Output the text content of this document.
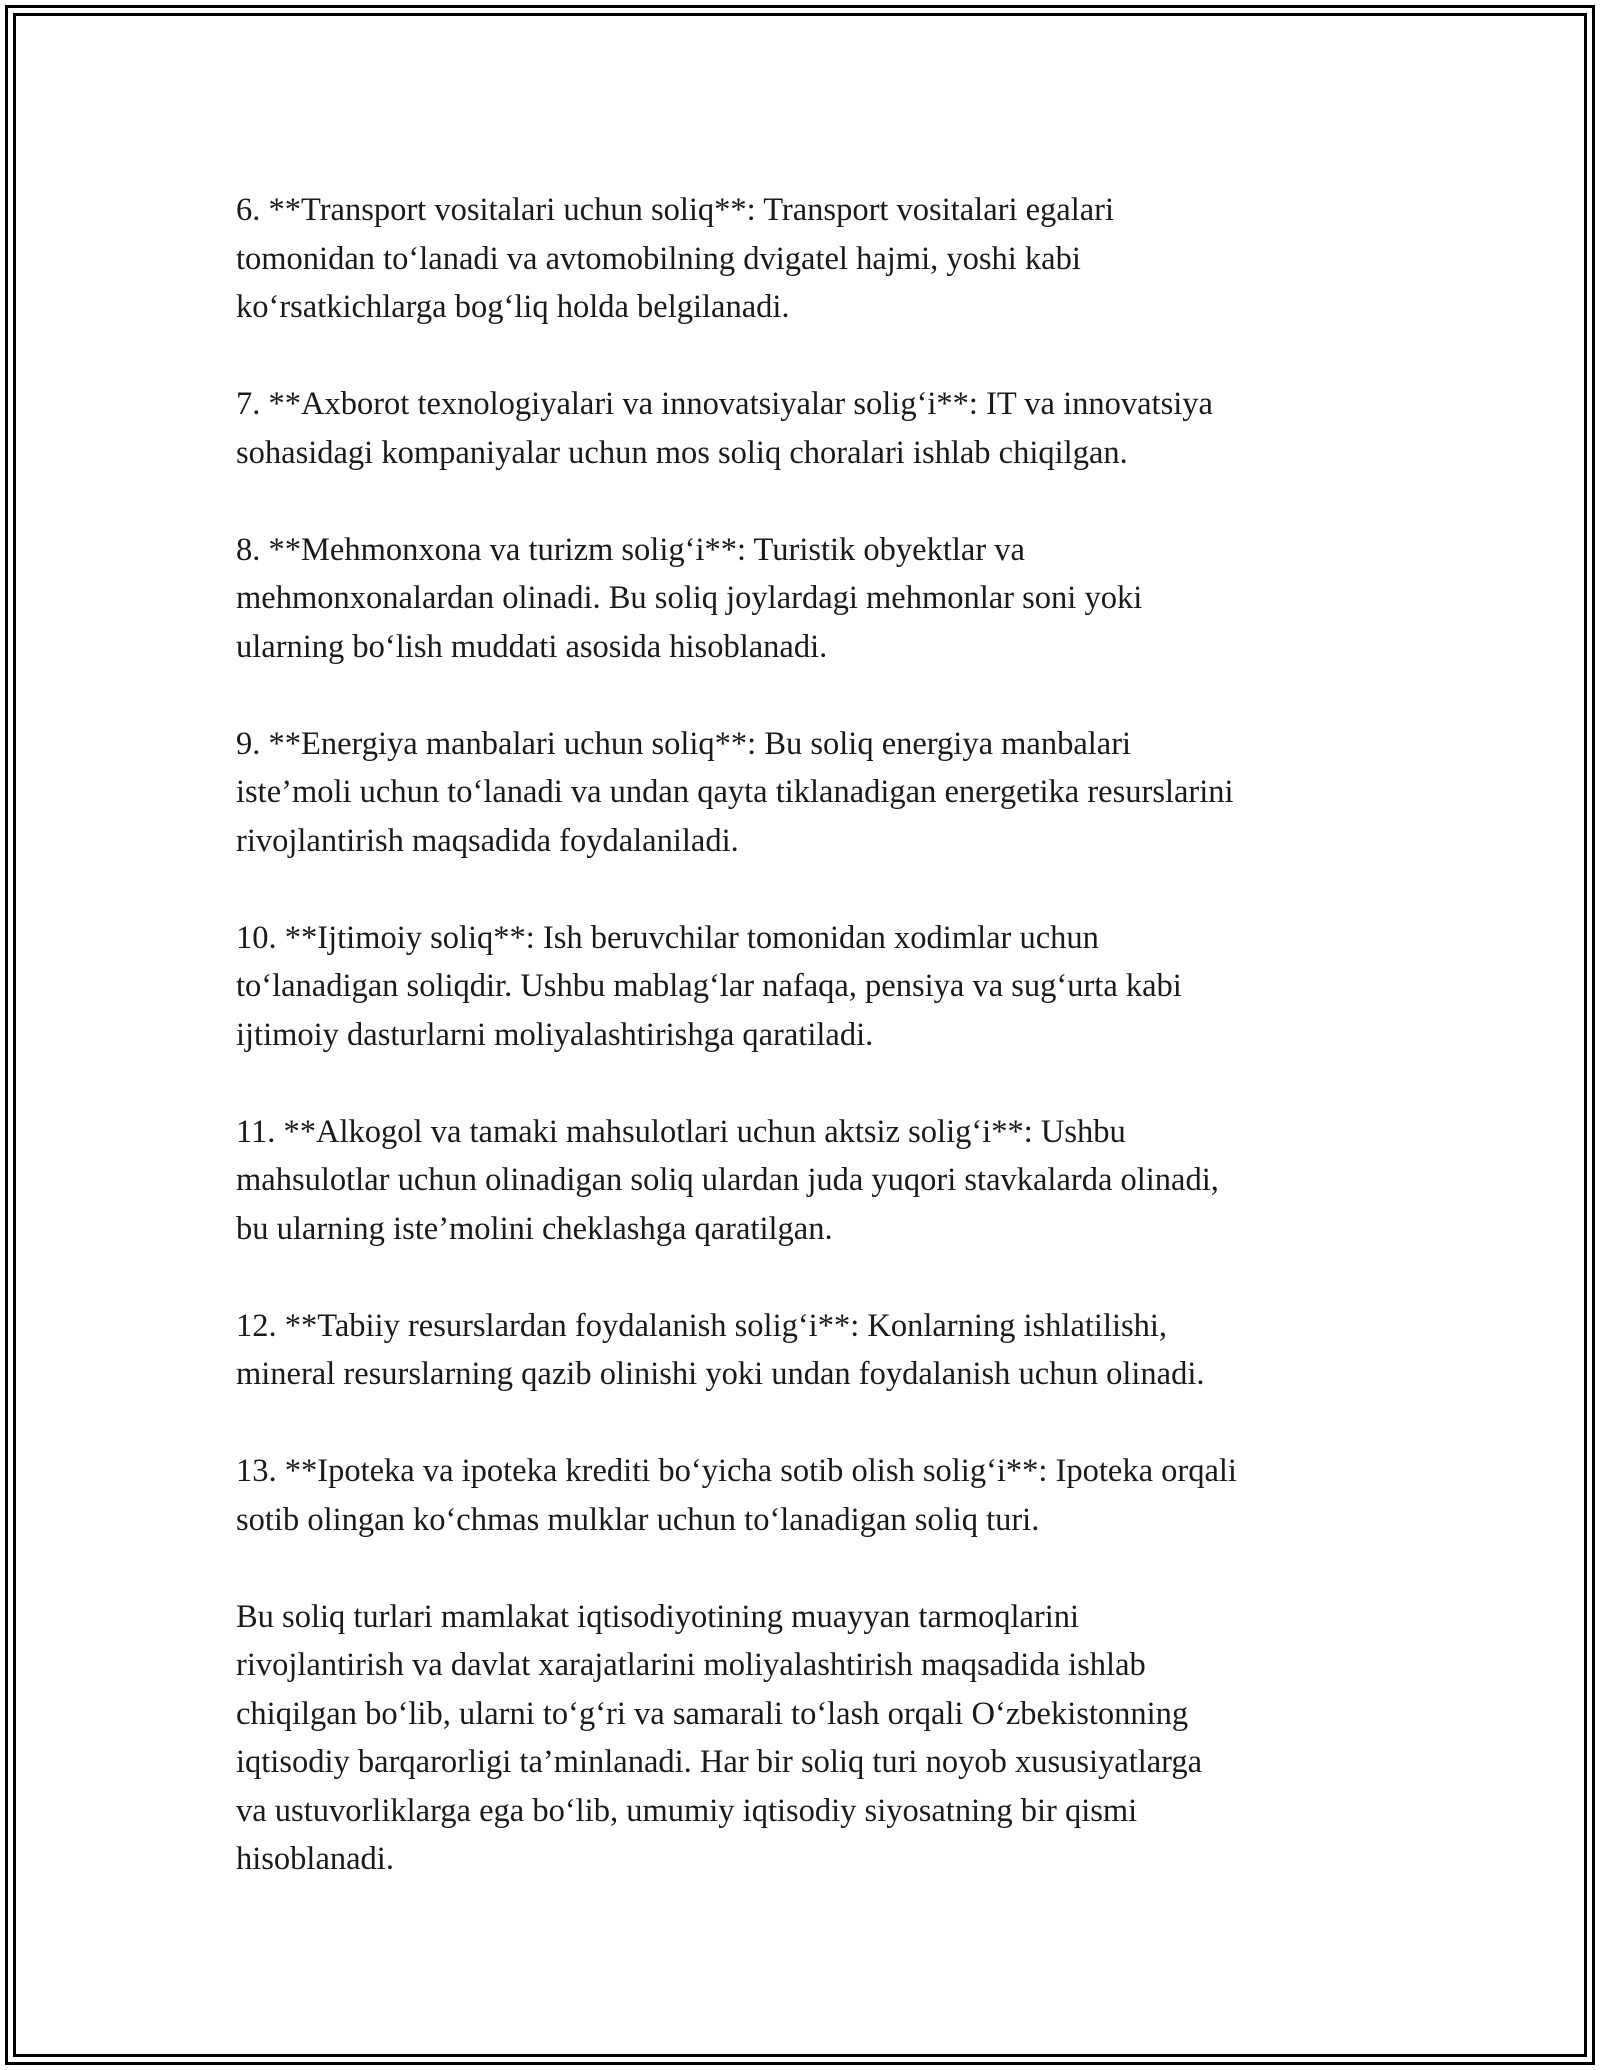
6. **Transport vositalari uchun soliq**: Transport vositalari egalari
tomonidan to‘lanadi va avtomobilning dvigatel hajmi, yoshi kabi
ko‘rsatkichlarga bog‘liq holda belgilanadi.

7. **Axborot texnologiyalari va innovatsiyalar solig‘i**: IT va innovatsiya
sohasidagi kompaniyalar uchun mos soliq choralari ishlab chiqilgan.

8. **Mehmonxona va turizm solig‘i**: Turistik obyektlar va
mehmonxonalardan olinadi. Bu soliq joylardagi mehmonlar soni yoki
ularning bo‘lish muddati asosida hisoblanadi.

9. **Energiya manbalari uchun soliq**: Bu soliq energiya manbalari
iste’moli uchun to‘lanadi va undan qayta tiklanadigan energetika resurslarini
rivojlantirish maqsadida foydalaniladi.

10. **Ijtimoiy soliq**: Ish beruvchilar tomonidan xodimlar uchun
to‘lanadigan soliqdir. Ushbu mablag‘lar nafaqa, pensiya va sug‘urta kabi
ijtimoiy dasturlarni moliyalashtirishga qaratiladi.

11. **Alkogol va tamaki mahsulotlari uchun aktsiz solig‘i**: Ushbu
mahsulotlar uchun olinadigan soliq ulardan juda yuqori stavkalarda olinadi,
bu ularning iste’molini cheklashga qaratilgan.

12. **Tabiiy resurslardan foydalanish solig‘i**: Konlarning ishlatilishi,
mineral resurslarning qazib olinishi yoki undan foydalanish uchun olinadi.

13. **Ipoteka va ipoteka krediti bo‘yicha sotib olish solig‘i**: Ipoteka orqali
sotib olingan ko‘chmas mulklar uchun to‘lanadigan soliq turi.

Bu soliq turlari mamlakat iqtisodiyotining muayyan tarmoqlarini
rivojlantirish va davlat xarajatlarini moliyalashtirish maqsadida ishlab
chiqilgan bo‘lib, ularni to‘g‘ri va samarali to‘lash orqali O‘zbekistonning
iqtisodiy barqarorligi ta’minlanadi. Har bir soliq turi noyob xususiyatlarga
va ustuvorliklarga ega bo‘lib, umumiy iqtisodiy siyosatning bir qismi
hisoblanadi.
